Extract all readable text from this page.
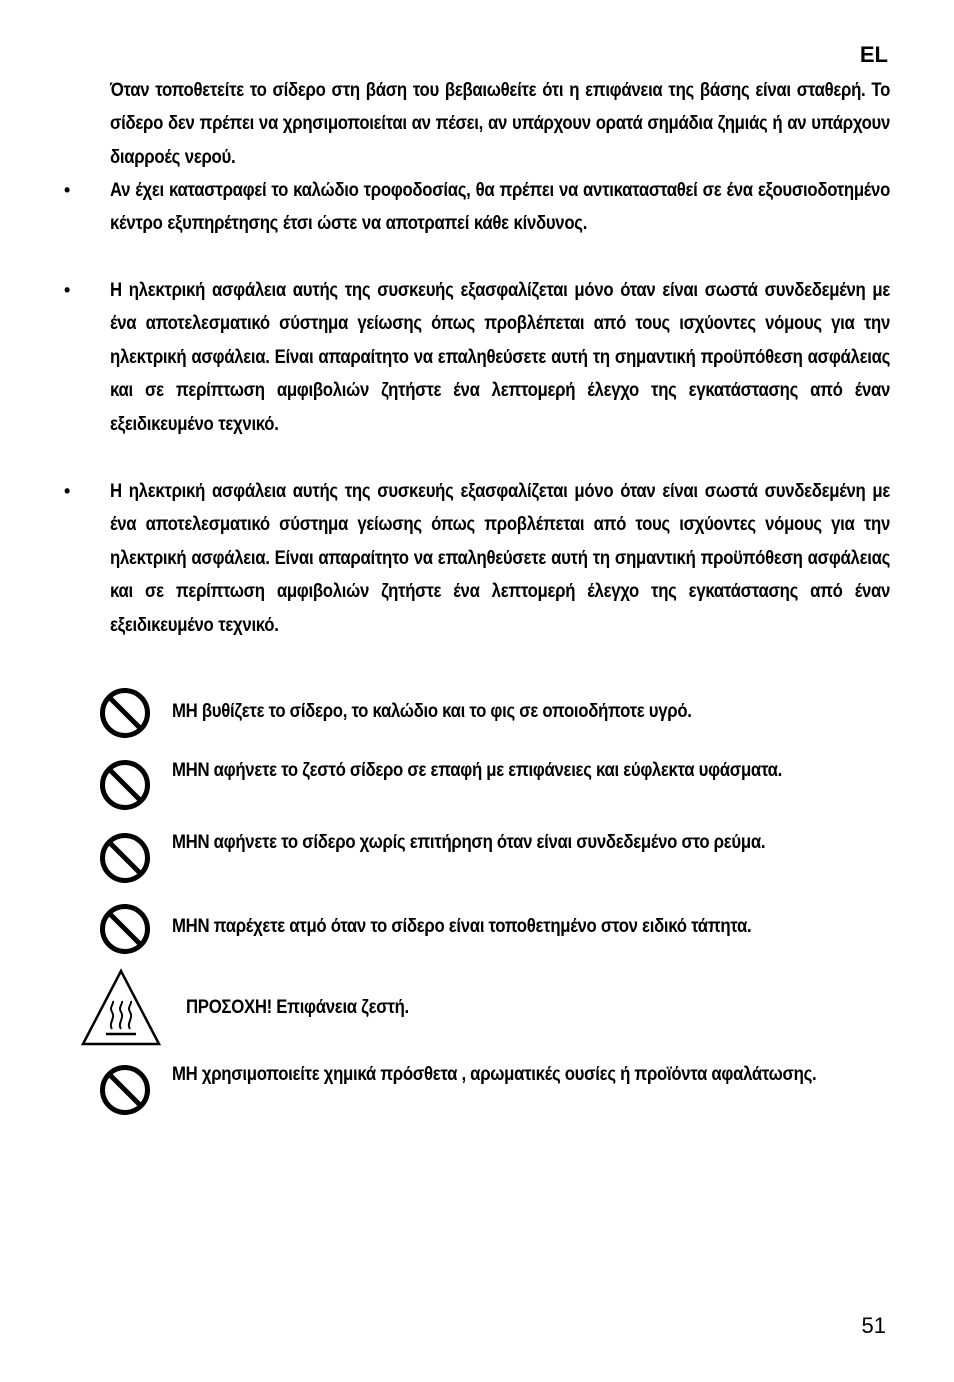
EL
Όταν τοποθετείτε το σίδερο στη βάση του βεβαιωθείτε ότι η επιφάνεια της βάσης είναι σταθερή. Το σίδερο δεν πρέπει να χρησιμοποιείται αν πέσει, αν υπάρχουν ορατά σημάδια ζημιάς ή αν υπάρχουν διαρροές νερού.
• Αν έχει καταστραφεί το καλώδιο τροφοδοσίας, θα πρέπει να αντικατασταθεί σε ένα εξουσιοδοτημένο κέντρο εξυπηρέτησης έτσι ώστε να αποτραπεί κάθε κίνδυνος.
• Η ηλεκτρική ασφάλεια αυτής της συσκευής εξασφαλίζεται μόνο όταν είναι σωστά συνδεδεμένη με ένα αποτελεσματικό σύστημα γείωσης όπως προβλέπεται από τους ισχύοντες νόμους για την ηλεκτρική ασφάλεια. Είναι απαραίτητο να επαληθεύσετε αυτή τη σημαντική προϋπόθεση ασφάλειας και σε περίπτωση αμφιβολιών ζητήστε ένα λεπτομερή έλεγχο της εγκατάστασης από έναν εξειδικευμένο τεχνικό.
• Η ηλεκτρική ασφάλεια αυτής της συσκευής εξασφαλίζεται μόνο όταν είναι σωστά συνδεδεμένη με ένα αποτελεσματικό σύστημα γείωσης όπως προβλέπεται από τους ισχύοντες νόμους για την ηλεκτρική ασφάλεια. Είναι απαραίτητο να επαληθεύσετε αυτή τη σημαντική προϋπόθεση ασφάλειας και σε περίπτωση αμφιβολιών ζητήστε ένα λεπτομερή έλεγχο της εγκατάστασης από έναν εξειδικευμένο τεχνικό.
ΜΗ βυθίζετε το σίδερο, το καλώδιο και το φις σε οποιοδήποτε υγρό.
ΜΗΝ αφήνετε το ζεστό σίδερο σε επαφή με επιφάνειες και εύφλεκτα υφάσματα.
ΜΗΝ αφήνετε το σίδερο χωρίς επιτήρηση όταν είναι συνδεδεμένο στο ρεύμα.
ΜΗΝ παρέχετε ατμό όταν το σίδερο είναι τοποθετημένο στον ειδικό τάπητα.
ΠΡΟΣΟΧΗ! Επιφάνεια ζεστή.
ΜΗ χρησιμοποιείτε χημικά πρόσθετα , αρωματικές ουσίες ή προϊόντα αφαλάτωσης.
51
